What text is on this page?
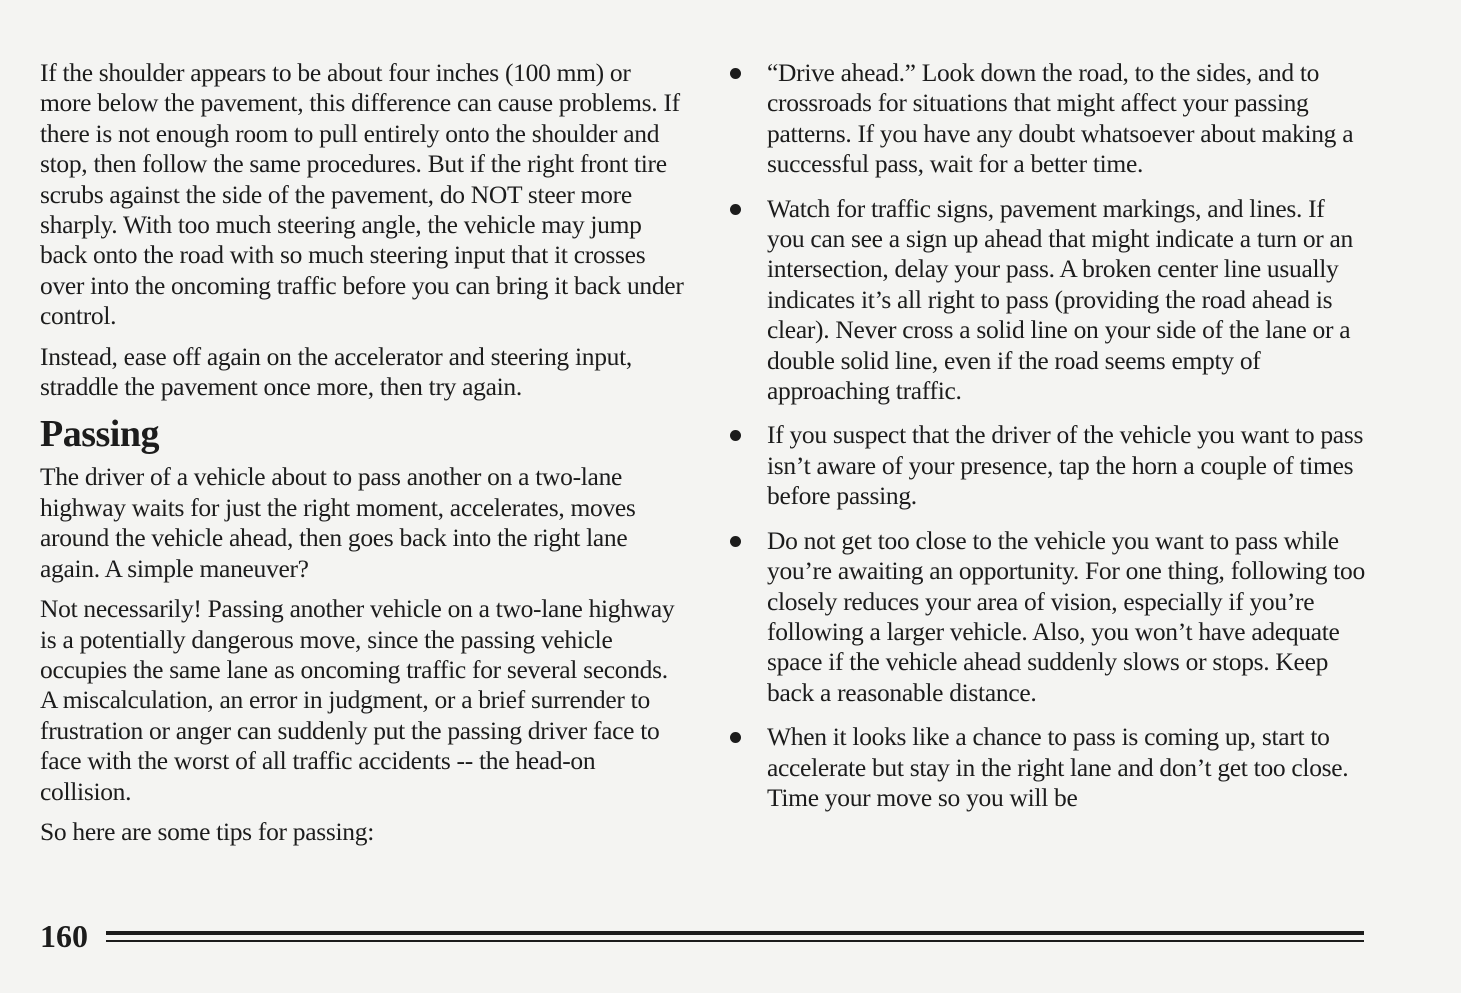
If the shoulder appears to be about four inches (100 mm) or more below the pavement, this difference can cause problems. If there is not enough room to pull entirely onto the shoulder and stop, then follow the same procedures. But if the right front tire scrubs against the side of the pavement, do NOT steer more sharply. With too much steering angle, the vehicle may jump back onto the road with so much steering input that it crosses over into the oncoming traffic before you can bring it back under control.

Instead, ease off again on the accelerator and steering input, straddle the pavement once more, then try again.

Passing

The driver of a vehicle about to pass another on a two-lane highway waits for just the right moment, accelerates, moves around the vehicle ahead, then goes back into the right lane again. A simple maneuver?

Not necessarily! Passing another vehicle on a two-lane highway is a potentially dangerous move, since the passing vehicle occupies the same lane as oncoming traffic for several seconds. A miscalculation, an error in judgment, or a brief surrender to frustration or anger can suddenly put the passing driver face to face with the worst of all traffic accidents -- the head-on collision.

So here are some tips for passing:

“Drive ahead.” Look down the road, to the sides, and to crossroads for situations that might affect your passing patterns. If you have any doubt whatsoever about making a successful pass, wait for a better time.
Watch for traffic signs, pavement markings, and lines. If you can see a sign up ahead that might indicate a turn or an intersection, delay your pass. A broken center line usually indicates it’s all right to pass (providing the road ahead is clear). Never cross a solid line on your side of the lane or a double solid line, even if the road seems empty of approaching traffic.
If you suspect that the driver of the vehicle you want to pass isn’t aware of your presence, tap the horn a couple of times before passing.
Do not get too close to the vehicle you want to pass while you’re awaiting an opportunity. For one thing, following too closely reduces your area of vision, especially if you’re following a larger vehicle. Also, you won’t have adequate space if the vehicle ahead suddenly slows or stops. Keep back a reasonable distance.
When it looks like a chance to pass is coming up, start to accelerate but stay in the right lane and don’t get too close. Time your move so you will be
160
